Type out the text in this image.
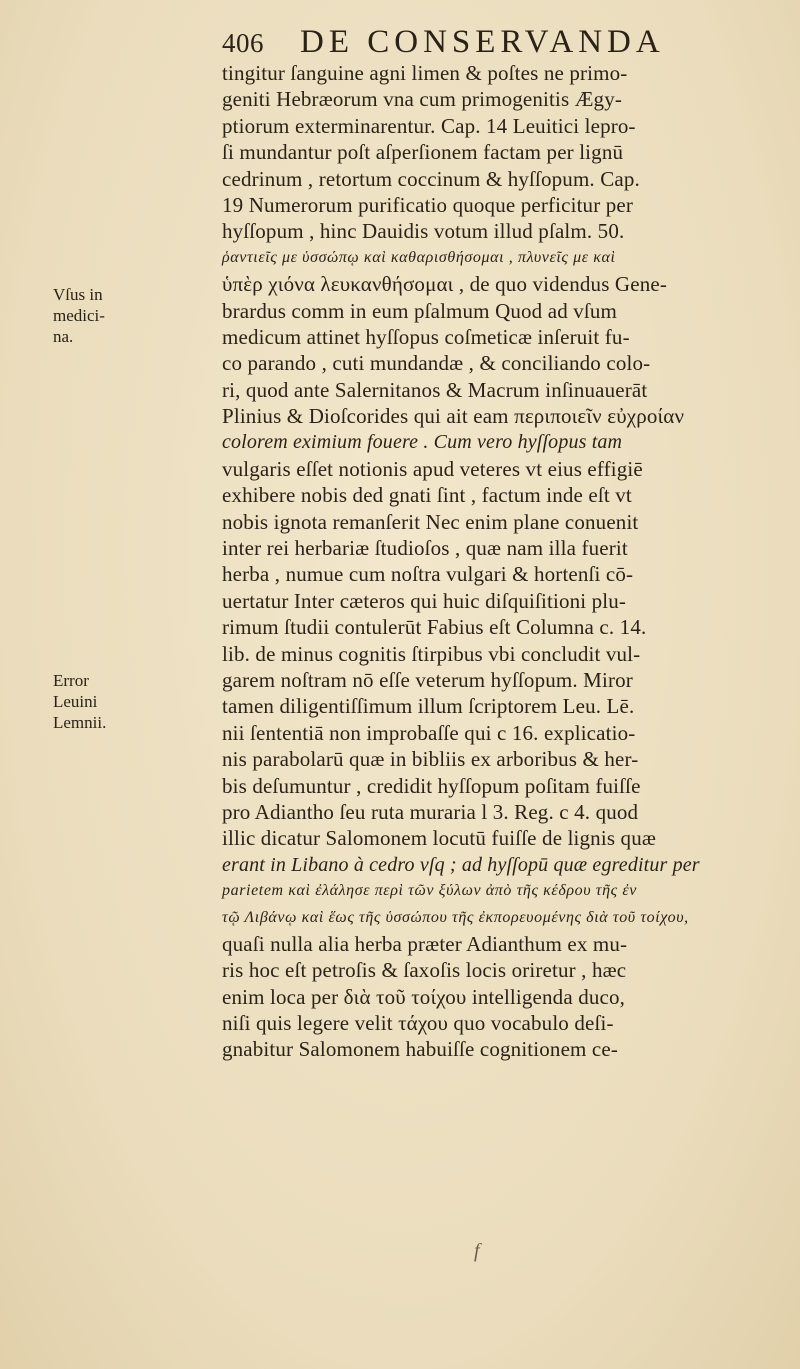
406 DE CONSERVANDA
Vſus in
medici-
na.
Error
Leuini
Lemnii.
tingitur ſanguine agni limen & poſtes ne primo-
geniti Hebræorum vna cum primogenitis Ægy-
ptiorum exterminarentur. Cap. 14 Leuitici lepro-
ſi mundantur poſt aſperſionem factam per lignū
cedrinum , retortum coccinum & hyſſopum. Cap.
19 Numerorum purificatio quoque perficitur per
hyſſopum , hinc Dauidis votum illud pſalm. 50.
ῥαντιεῖς με ὑσσώπῳ καὶ καθαρισθήσομαι , πλυνεῖς με καὶ
ὑπὲρ χιόνα λευκανθήσομαι , de quo videndus Gene-
brardus comm in eum pſalmum Quod ad vſum
medicum attinet hyſſopus coſmeticæ inſeruit fu-
co parando , cuti mundandæ , & conciliando colo-
ri, quod ante Salernitanos & Macrum inſinuauerāt
Plinius & Dioſcorides qui ait eam περιποιεῖν εὐχροίαν
colorem eximium fouere . Cum vero hyſſopus tam
vulgaris eſſet notionis apud veteres vt eius effigiē
exhibere nobis ded gnati ſint , factum inde eſt vt
nobis ignota remanſerit Nec enim plane conuenit
inter rei herbariæ ſtudioſos , quæ nam illa fuerit
herba , numue cum noſtra vulgari & hortenſi cō-
uertatur Inter cæteros qui huic diſquiſitioni plu-
rimum ſtudii contulerūt Fabius eſt Columna c. 14.
lib. de minus cognitis ſtirpibus vbi concludit vul-
garem noſtram nō eſſe veterum hyſſopum. Miror
tamen diligentiſſimum illum ſcriptorem Leu. Lē.
nii ſententiā non improbaſſe qui c 16. explicatio-
nis parabolarū quæ in bibliis ex arboribus & her-
bis deſumuntur , credidit hyſſopum poſitam fuiſſe
pro Adiantho ſeu ruta muraria l 3. Reg. c 4. quod
illic dicatur Salomonem locutū fuiſſe de lignis quæ
erant in Libano à cedro vſq ; ad hyſſopū quæ egreditur per
parietem καὶ ἐλάλησε περὶ τῶν ξύλων ἀπὸ τῆς κέδρου τῆς ἐν
τῷ Λιβάνῳ καὶ ἕως τῆς ὑσσώπου τῆς ἐκπορευομένης διὰ τοῦ τοίχου,
quaſi nulla alia herba præter Adianthum ex mu-
ris hoc eſt petroſis & ſaxoſis locis oriretur , hæc
enim loca per διὰ τοῦ τοίχου intelligenda duco,
niſi quis legere velit τάχου quo vocabulo deſi-
gnabitur Salomonem habuiſſe cognitionem ce-
f
